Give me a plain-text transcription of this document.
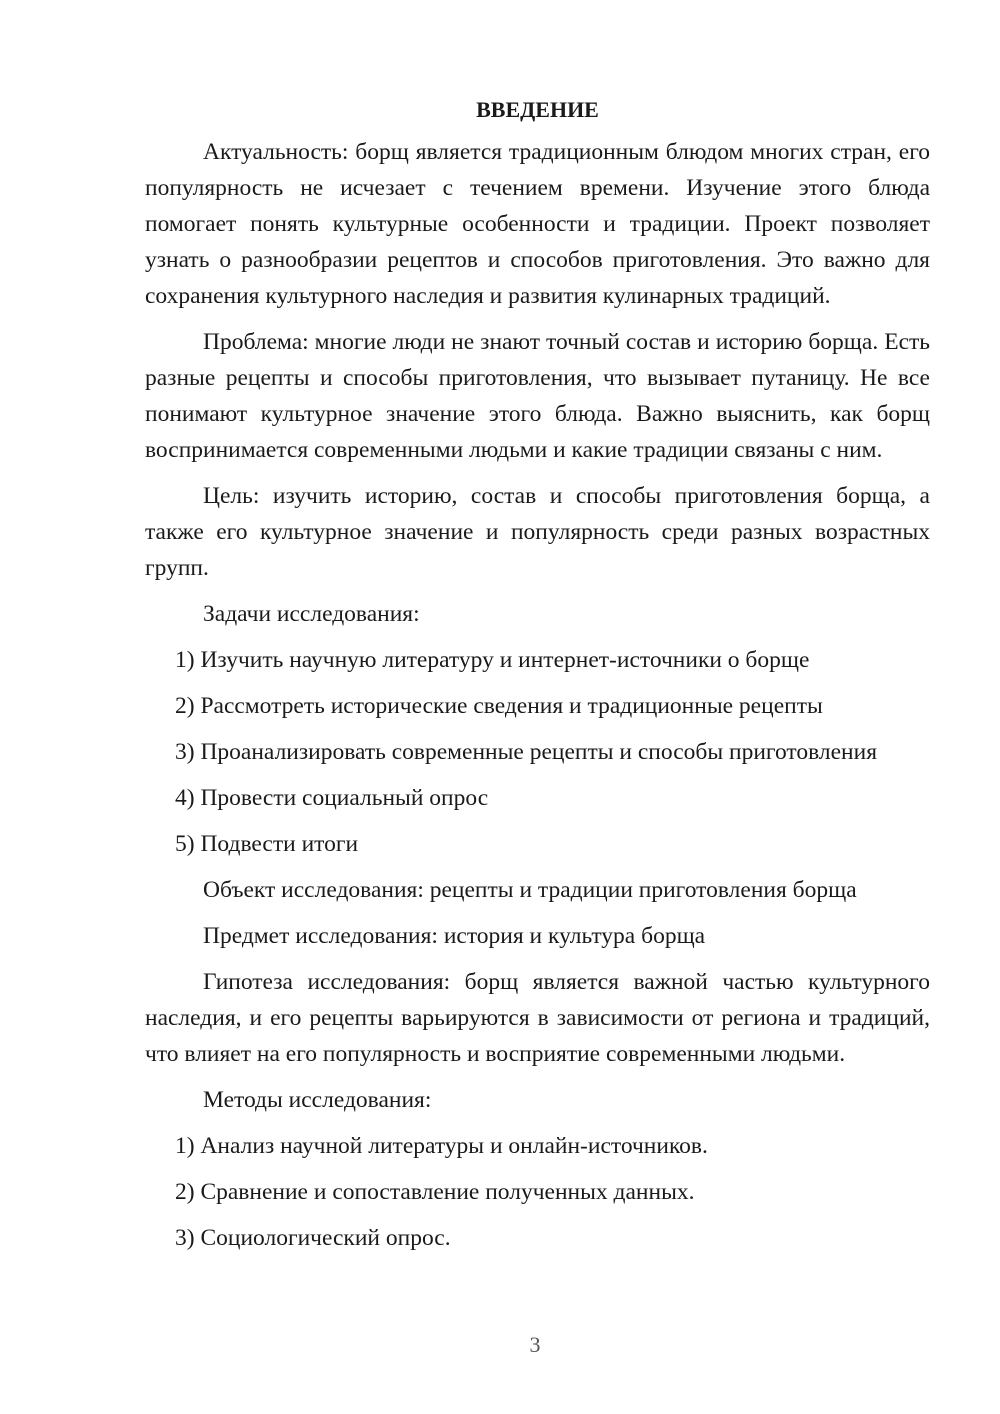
ВВЕДЕНИЕ

Актуальность: борщ является традиционным блюдом многих стран, его популярность не исчезает с течением времени. Изучение этого блюда помогает понять культурные особенности и традиции. Проект позволяет узнать о разнообразии рецептов и способов приготовления. Это важно для сохранения культурного наследия и развития кулинарных традиций.

Проблема: многие люди не знают точный состав и историю борща. Есть разные рецепты и способы приготовления, что вызывает путаницу. Не все понимают культурное значение этого блюда. Важно выяснить, как борщ воспринимается современными людьми и какие традиции связаны с ним.

Цель: изучить историю, состав и способы приготовления борща, а также его культурное значение и популярность среди разных возрастных групп.

Задачи исследования:

1) Изучить научную литературу и интернет-источники о борще

2) Рассмотреть исторические сведения и традиционные рецепты

3) Проанализировать современные рецепты и способы приготовления

4) Провести социальный опрос

5) Подвести итоги

Объект исследования: рецепты и традиции приготовления борща

Предмет исследования: история и культура борща

Гипотеза исследования: борщ является важной частью культурного наследия, и его рецепты варьируются в зависимости от региона и традиций, что влияет на его популярность и восприятие современными людьми.

Методы исследования:

1) Анализ научной литературы и онлайн-источников.

2) Сравнение и сопоставление полученных данных.

3) Социологический опрос.

3
